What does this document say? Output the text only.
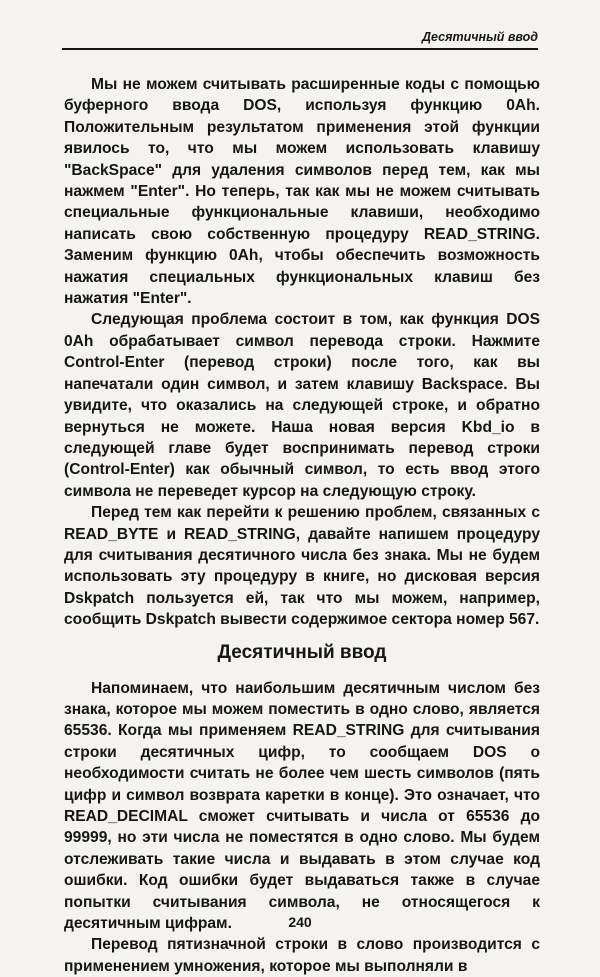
Десятичный ввод

Мы не можем считывать расширенные коды с помощью буферного ввода DOS, используя функцию 0Ah. Положительным результатом применения этой функции явилось то, что мы можем использовать клавишу "BackSpace" для удаления символов перед тем, как мы нажмем "Enter". Но теперь, так как мы не можем считывать специальные функциональные клавиши, необходимо написать свою собственную процедуру READ_STRING. Заменим функцию 0Ah, чтобы обеспечить возможность нажатия специальных функциональных клавиш без нажатия "Enter".

Следующая проблема состоит в том, как функция DOS 0Ah обрабатывает символ перевода строки. Нажмите Control-Enter (перевод строки) после того, как вы напечатали один символ, и затем клавишу Backspace. Вы увидите, что оказались на следующей строке, и обратно вернуться не можете. Наша новая версия Kbd_io в следующей главе будет воспринимать перевод строки (Control-Enter) как обычный символ, то есть ввод этого символа не переведет курсор на следующую строку.

Перед тем как перейти к решению проблем, связанных с READ_BYTE и READ_STRING, давайте напишем процедуру для считывания десятичного числа без знака. Мы не будем использовать эту процедуру в книге, но дисковая версия Dskpatch пользуется ей, так что мы можем, например, сообщить Dskpatch вывести содержимое сектора номер 567.

Десятичный ввод

Напоминаем, что наибольшим десятичным числом без знака, которое мы можем поместить в одно слово, является 65536. Когда мы применяем READ_STRING для считывания строки десятичных цифр, то сообщаем DOS о необходимости считать не более чем шесть символов (пять цифр и символ возврата каретки в конце). Это означает, что READ_DECIMAL сможет считывать и числа от 65536 до 99999, но эти числа не поместятся в одно слово. Мы будем отслеживать такие числа и выдавать в этом случае код ошибки. Код ошибки будет выдаваться также в случае попытки считывания символа, не относящегося к десятичным цифрам.

Перевод пятизначной строки в слово производится с применением умножения, которое мы выполняли в

240
